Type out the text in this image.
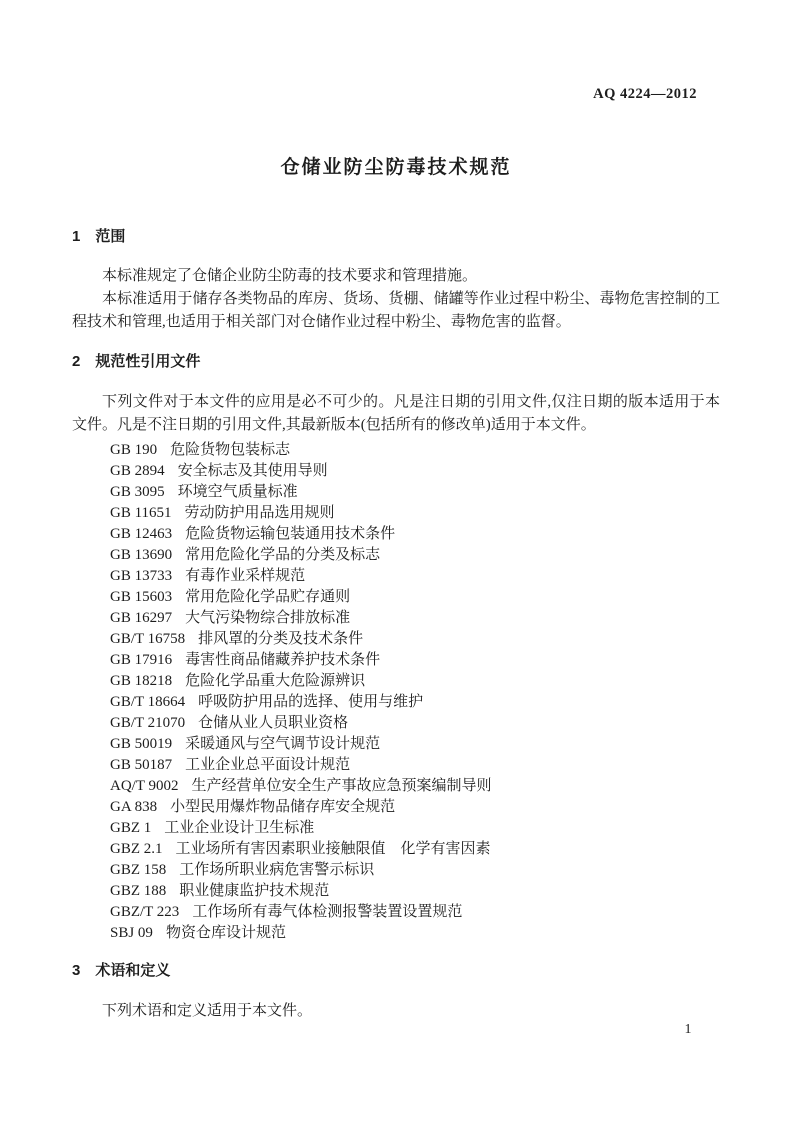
AQ 4224—2012
仓储业防尘防毒技术规范
1　范围

本标准规定了仓储企业防尘防毒的技术要求和管理措施。

本标准适用于储存各类物品的库房、货场、货棚、储罐等作业过程中粉尘、毒物危害控制的工程技术和管理,也适用于相关部门对仓储作业过程中粉尘、毒物危害的监督。

2　规范性引用文件

下列文件对于本文件的应用是必不可少的。凡是注日期的引用文件,仅注日期的版本适用于本文件。凡是不注日期的引用文件,其最新版本(包括所有的修改单)适用于本文件。

GB 190 危险货物包装标志
GB 2894 安全标志及其使用导则
GB 3095 环境空气质量标准
GB 11651 劳动防护用品选用规则
GB 12463 危险货物运输包装通用技术条件
GB 13690 常用危险化学品的分类及标志
GB 13733 有毒作业采样规范
GB 15603 常用危险化学品贮存通则
GB 16297 大气污染物综合排放标准
GB/T 16758 排风罩的分类及技术条件
GB 17916 毒害性商品储藏养护技术条件
GB 18218 危险化学品重大危险源辨识
GB/T 18664 呼吸防护用品的选择、使用与维护
GB/T 21070 仓储从业人员职业资格
GB 50019 采暖通风与空气调节设计规范
GB 50187 工业企业总平面设计规范
AQ/T 9002 生产经营单位安全生产事故应急预案编制导则
GA 838 小型民用爆炸物品储存库安全规范
GBZ 1 工业企业设计卫生标准
GBZ 2.1 工业场所有害因素职业接触限值　化学有害因素
GBZ 158 工作场所职业病危害警示标识
GBZ 188 职业健康监护技术规范
GBZ/T 223 工作场所有毒气体检测报警装置设置规范
SBJ 09 物资仓库设计规范
3　术语和定义

下列术语和定义适用于本文件。

1
